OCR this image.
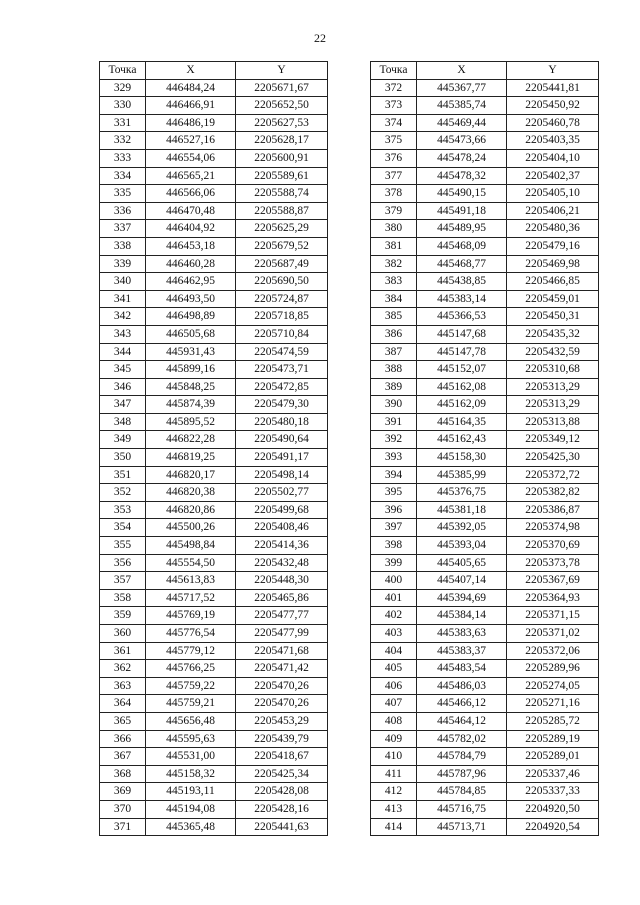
22
Точка	X	Y
329	446484,24	2205671,67
330	446466,91	2205652,50
331	446486,19	2205627,53
332	446527,16	2205628,17
333	446554,06	2205600,91
334	446565,21	2205589,61
335	446566,06	2205588,74
336	446470,48	2205588,87
337	446404,92	2205625,29
338	446453,18	2205679,52
339	446460,28	2205687,49
340	446462,95	2205690,50
341	446493,50	2205724,87
342	446498,89	2205718,85
343	446505,68	2205710,84
344	445931,43	2205474,59
345	445899,16	2205473,71
346	445848,25	2205472,85
347	445874,39	2205479,30
348	445895,52	2205480,18
349	446822,28	2205490,64
350	446819,25	2205491,17
351	446820,17	2205498,14
352	446820,38	2205502,77
353	446820,86	2205499,68
354	445500,26	2205408,46
355	445498,84	2205414,36
356	445554,50	2205432,48
357	445613,83	2205448,30
358	445717,52	2205465,86
359	445769,19	2205477,77
360	445776,54	2205477,99
361	445779,12	2205471,68
362	445766,25	2205471,42
363	445759,22	2205470,26
364	445759,21	2205470,26
365	445656,48	2205453,29
366	445595,63	2205439,79
367	445531,00	2205418,67
368	445158,32	2205425,34
369	445193,11	2205428,08
370	445194,08	2205428,16
371	445365,48	2205441,63
Точка	X	Y
372	445367,77	2205441,81
373	445385,74	2205450,92
374	445469,44	2205460,78
375	445473,66	2205403,35
376	445478,24	2205404,10
377	445478,32	2205402,37
378	445490,15	2205405,10
379	445491,18	2205406,21
380	445489,95	2205480,36
381	445468,09	2205479,16
382	445468,77	2205469,98
383	445438,85	2205466,85
384	445383,14	2205459,01
385	445366,53	2205450,31
386	445147,68	2205435,32
387	445147,78	2205432,59
388	445152,07	2205310,68
389	445162,08	2205313,29
390	445162,09	2205313,29
391	445164,35	2205313,88
392	445162,43	2205349,12
393	445158,30	2205425,30
394	445385,99	2205372,72
395	445376,75	2205382,82
396	445381,18	2205386,87
397	445392,05	2205374,98
398	445393,04	2205370,69
399	445405,65	2205373,78
400	445407,14	2205367,69
401	445394,69	2205364,93
402	445384,14	2205371,15
403	445383,63	2205371,02
404	445383,37	2205372,06
405	445483,54	2205289,96
406	445486,03	2205274,05
407	445466,12	2205271,16
408	445464,12	2205285,72
409	445782,02	2205289,19
410	445784,79	2205289,01
411	445787,96	2205337,46
412	445784,85	2205337,33
413	445716,75	2204920,50
414	445713,71	2204920,54
